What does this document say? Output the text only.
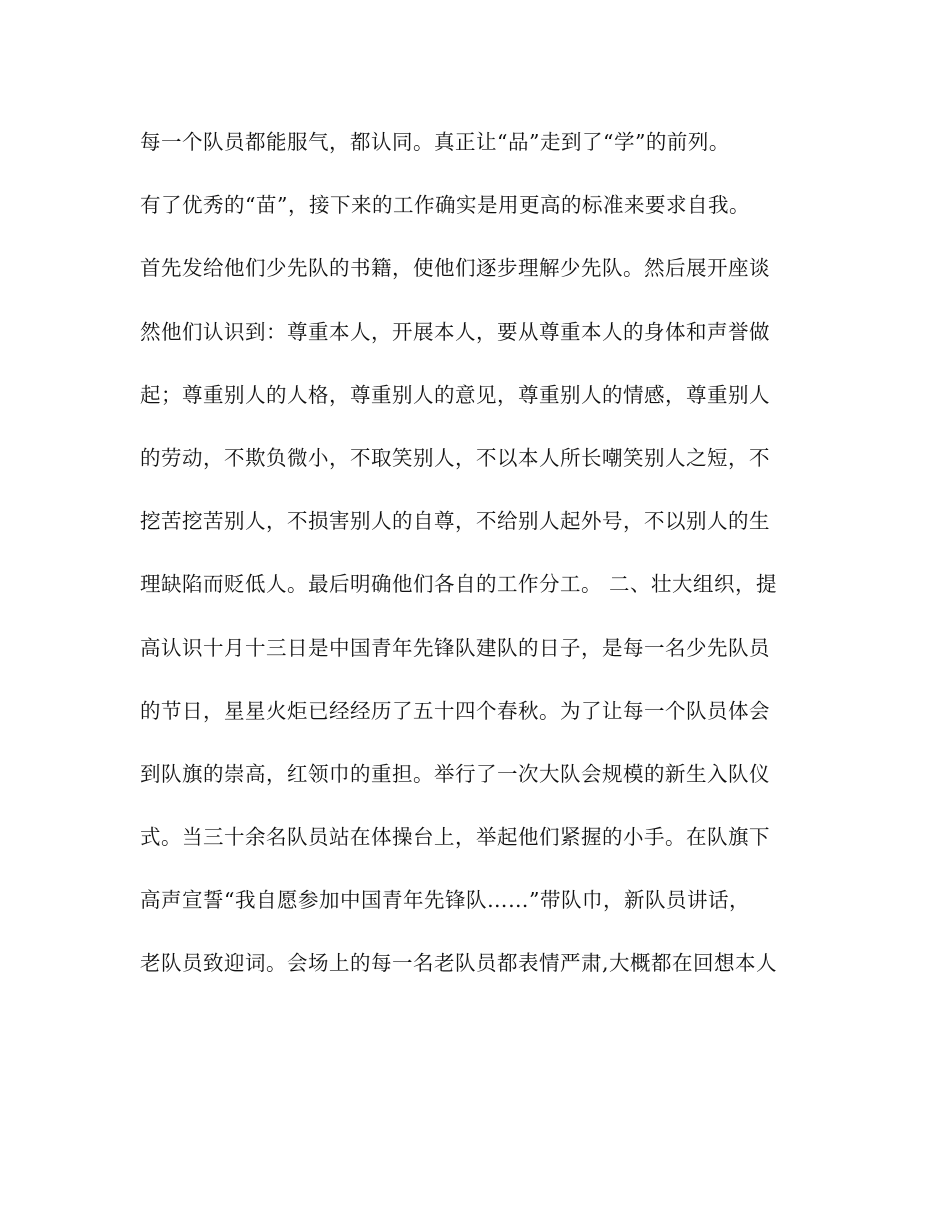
每一个队员都能服气，都认同。真正让“品”走到了“学”的前列。
有了优秀的“苗”，接下来的工作确实是用更高的标准来要求自我。
首先发给他们少先队的书籍，使他们逐步理解少先队。然后展开座谈
然他们认识到：尊重本人，开展本人，要从尊重本人的身体和声誉做
起；尊重别人的人格，尊重别人的意见，尊重别人的情感，尊重别人
的劳动，不欺负微小，不取笑别人，不以本人所长嘲笑别人之短，不
挖苦挖苦别人，不损害别人的自尊，不给别人起外号，不以别人的生
理缺陷而贬低人。最后明确他们各自的工作分工。 二、壮大组织，提
高认识十月十三日是中国青年先锋队建队的日子，是每一名少先队员
的节日，星星火炬已经经历了五十四个春秋。为了让每一个队员体会
到队旗的崇高，红领巾的重担。举行了一次大队会规模的新生入队仪
式。当三十余名队员站在体操台上，举起他们紧握的小手。在队旗下
高声宣誓“我自愿参加中国青年先锋队……”带队巾，新队员讲话，
老队员致迎词。会场上的每一名老队员都表情严肃,大概都在回想本人
